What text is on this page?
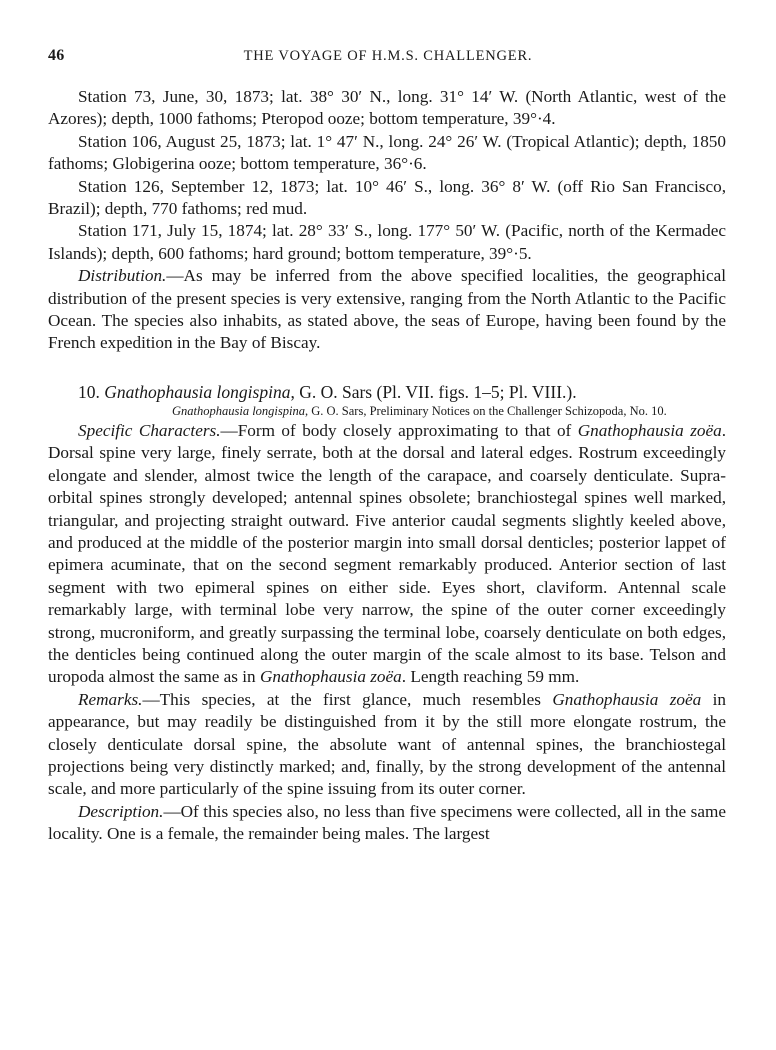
46	THE VOYAGE OF H.M.S. CHALLENGER.

Station 73, June, 30, 1873; lat. 38° 30′ N., long. 31° 14′ W. (North Atlantic, west of the Azores); depth, 1000 fathoms; Pteropod ooze; bottom temperature, 39°·4.

Station 106, August 25, 1873; lat. 1° 47′ N., long. 24° 26′ W. (Tropical Atlantic); depth, 1850 fathoms; Globigerina ooze; bottom temperature, 36°·6.

Station 126, September 12, 1873; lat. 10° 46′ S., long. 36° 8′ W. (off Rio San Francisco, Brazil); depth, 770 fathoms; red mud.

Station 171, July 15, 1874; lat. 28° 33′ S., long. 177° 50′ W. (Pacific, north of the Kermadec Islands); depth, 600 fathoms; hard ground; bottom temperature, 39°·5.

Distribution.—As may be inferred from the above specified localities, the geographical distribution of the present species is very extensive, ranging from the North Atlantic to the Pacific Ocean. The species also inhabits, as stated above, the seas of Europe, having been found by the French expedition in the Bay of Biscay.

10. Gnathophausia longispina, G. O. Sars (Pl. VII. figs. 1–5; Pl. VIII.).

Gnathophausia longispina, G. O. Sars, Preliminary Notices on the Challenger Schizopoda, No. 10.

Specific Characters.—Form of body closely approximating to that of Gnathophausia zoëa. Dorsal spine very large, finely serrate, both at the dorsal and lateral edges. Rostrum exceedingly elongate and slender, almost twice the length of the carapace, and coarsely denticulate. Supra-orbital spines strongly developed; antennal spines obsolete; branchiostegal spines well marked, triangular, and projecting straight outward. Five anterior caudal segments slightly keeled above, and produced at the middle of the posterior margin into small dorsal denticles; posterior lappet of epimera acuminate, that on the second segment remarkably produced. Anterior section of last segment with two epimeral spines on either side. Eyes short, claviform. Antennal scale remarkably large, with terminal lobe very narrow, the spine of the outer corner exceedingly strong, mucroniform, and greatly surpassing the terminal lobe, coarsely denticulate on both edges, the denticles being continued along the outer margin of the scale almost to its base. Telson and uropoda almost the same as in Gnathophausia zoëa. Length reaching 59 mm.

Remarks.—This species, at the first glance, much resembles Gnathophausia zoëa in appearance, but may readily be distinguished from it by the still more elongate rostrum, the closely denticulate dorsal spine, the absolute want of antennal spines, the branchiostegal projections being very distinctly marked; and, finally, by the strong development of the antennal scale, and more particularly of the spine issuing from its outer corner.

Description.—Of this species also, no less than five specimens were collected, all in the same locality. One is a female, the remainder being males. The largest
